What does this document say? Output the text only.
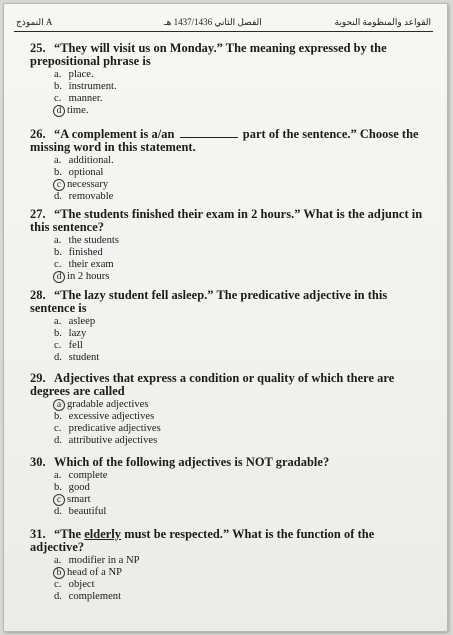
النموذج A	الفصل الثاني 1437/1436 هـ	القواعد والمنظومة النحوية
25. “They will visit us on Monday.” The meaning expressed by the prepositional phrase is
a. place.
b. instrument.
c. manner.
d time.
26. “A complement is a/an	part of the sentence.” Choose the missing word in this statement.
a. additional.
b. optional
c necessary
d. removable
27. “The students finished their exam in 2 hours.” What is the adjunct in this sentence?
a. the students
b. finished
c. their exam
d in 2 hours
28. “The lazy student fell asleep.” The predicative adjective in this sentence is
a. asleep
b. lazy
c. fell
d. student
29. Adjectives that express a condition or quality of which there are degrees are called
a gradable adjectives
b. excessive adjectives
c. predicative adjectives
d. attributive adjectives
30. Which of the following adjectives is NOT gradable?
a. complete
b. good
c smart
d. beautiful
31. “The elderly must be respected.” What is the function of the adjective?
a. modifier in a NP
b head of a NP
c. object
d. complement
